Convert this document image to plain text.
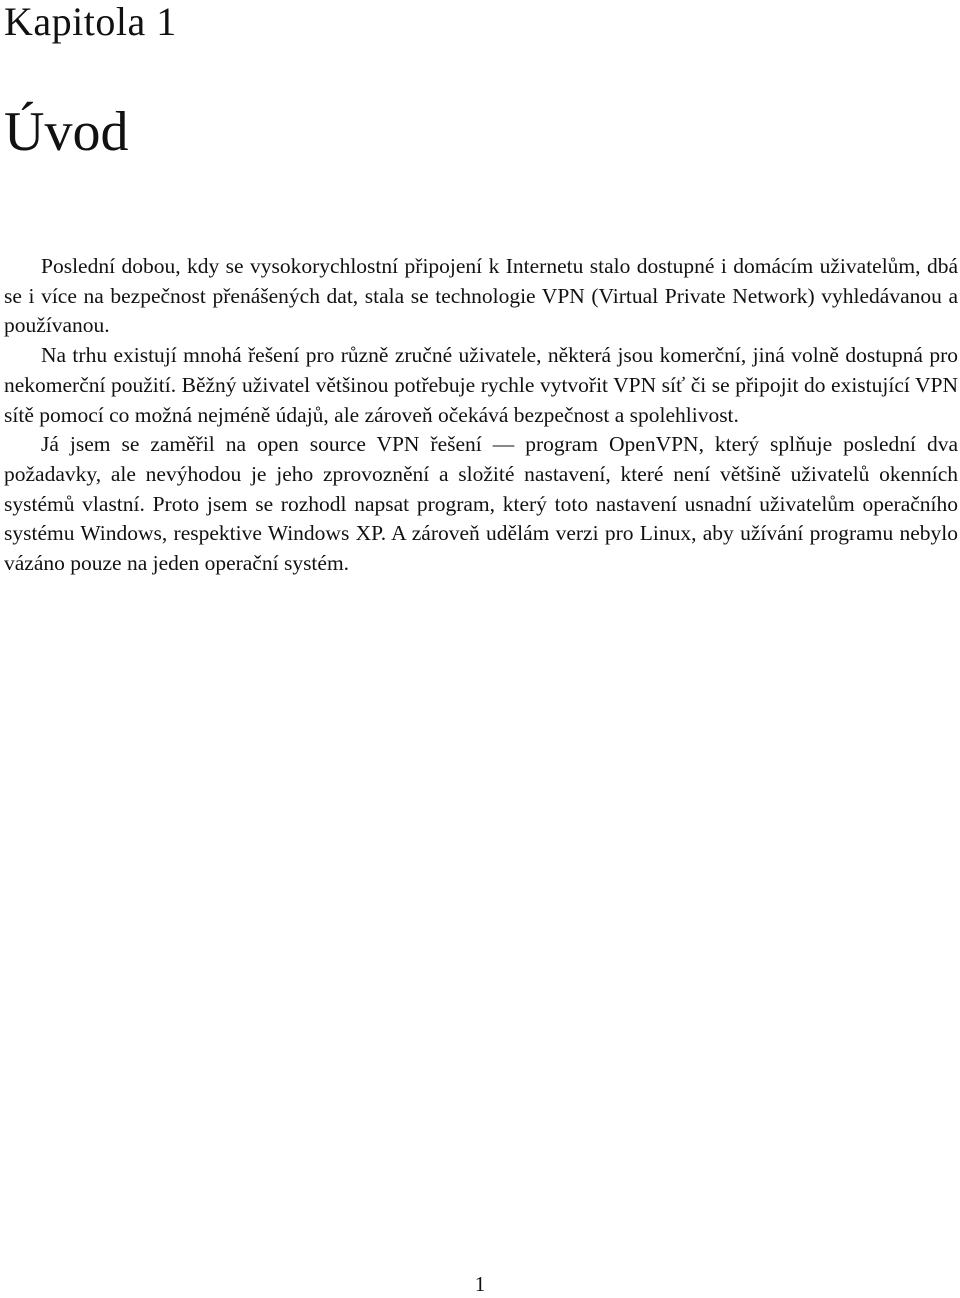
Kapitola 1
Úvod

Poslední dobou, kdy se vysokorychlostní připojení k Internetu stalo dostupné i domácím uživatelům, dbá se i více na bezpečnost přenášených dat, stala se technologie VPN (Virtual Private Network) vyhledávanou a používanou.

Na trhu existují mnohá řešení pro různě zručné uživatele, některá jsou komerční, jiná volně dostupná pro nekomerční použití. Běžný uživatel většinou potřebuje rychle vytvořit VPN síť či se připojit do existující VPN sítě pomocí co možná nejméně údajů, ale zároveň očekává bezpečnost a spolehlivost.

Já jsem se zaměřil na open source VPN řešení — program OpenVPN, který splňuje poslední dva požadavky, ale nevýhodou je jeho zprovoznění a složité nastavení, které není většině uživatelů okenních systémů vlastní. Proto jsem se rozhodl napsat program, který toto nastavení usnadní uživatelům operačního systému Windows, respektive Windows XP. A zároveň udělám verzi pro Linux, aby užívání programu nebylo vázáno pouze na jeden operační systém.

1
